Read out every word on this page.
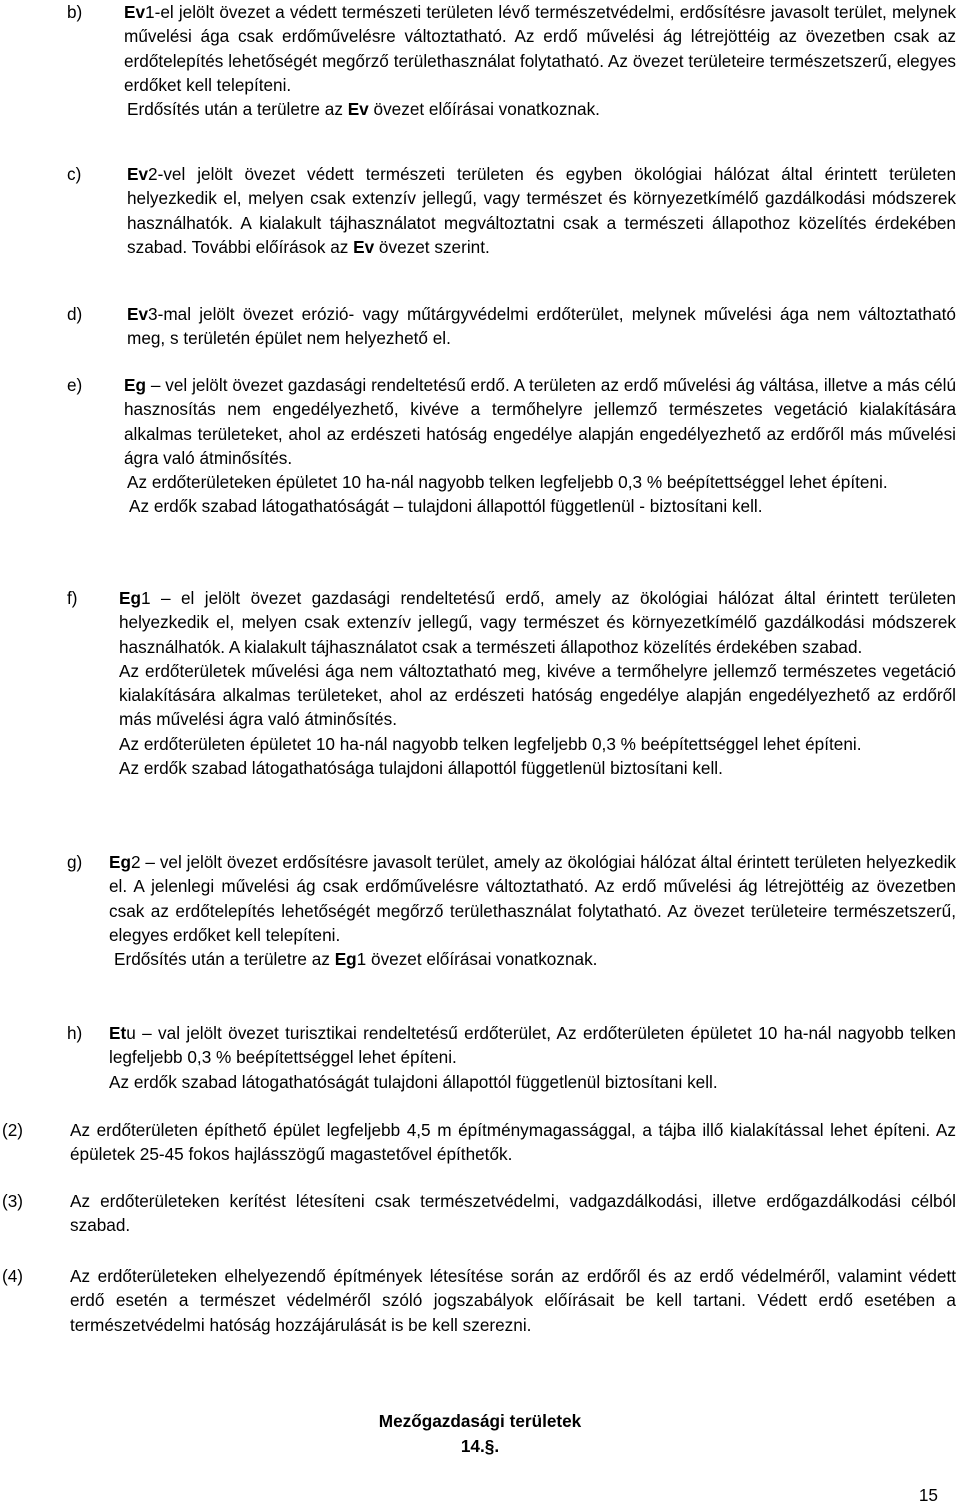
b) Ev1-el jelölt övezet a védett természeti területen lévő természetvédelmi, erdősítésre javasolt terület, melynek művelési ága csak erdőművelésre változtatható. Az erdő művelési ág létrejöttéig az övezetben csak az erdőtelepítés lehetőségét megőrző területhasználat folytatható. Az övezet területeire természetszerű, elegyes erdőket kell telepíteni.

Erdősítés után a területre az Ev övezet előírásai vonatkoznak.

c)	Ev2-vel jelölt övezet védett természeti területen és egyben ökológiai hálózat által érintett területen helyezkedik el, melyen csak extenzív jellegű, vagy természet és környezetkímélő gazdálkodási módszerek használhatók. A kialakult tájhasználatot megváltoztatni csak a természeti állapothoz közelítés érdekében szabad. További előírások az Ev övezet szerint.

d)	Ev3-mal jelölt övezet erózió- vagy műtárgyvédelmi erdőterület, melynek művelési ága nem változtatható meg, s területén épület nem helyezhető el.

e) Eg – vel jelölt övezet gazdasági rendeltetésű erdő. A területen az erdő művelési ág váltása, illetve a más célú hasznosítás nem engedélyezhető, kivéve a termőhelyre jellemző természetes vegetáció kialakítására alkalmas területeket, ahol az erdészeti hatóság engedélye alapján engedélyezhető az erdőről más művelési ágra való átminősítés.

Az erdőterületeken épületet 10 ha-nál nagyobb telken legfeljebb 0,3 % beépítettséggel lehet építeni.

Az erdők szabad látogathatóságát – tulajdoni állapottól függetlenül - biztosítani kell.

f) Eg1 – el jelölt övezet gazdasági rendeltetésű erdő, amely az ökológiai hálózat által érintett területen helyezkedik el, melyen csak extenzív jellegű, vagy természet és környezetkímélő gazdálkodási módszerek használhatók. A kialakult tájhasználatot csak a természeti állapothoz közelítés érdekében szabad.

Az erdőterületek művelési ága nem változtatható meg, kivéve a termőhelyre jellemző természetes vegetáció kialakítására alkalmas területeket, ahol az erdészeti hatóság engedélye alapján engedélyezhető az erdőről más művelési ágra való átminősítés.

Az erdőterületen épületet 10 ha-nál nagyobb telken legfeljebb 0,3 % beépítettséggel lehet építeni.

Az erdők szabad látogathatósága tulajdoni állapottól függetlenül biztosítani kell.

g) Eg2 – vel jelölt övezet erdősítésre javasolt terület, amely az ökológiai hálózat által érintett területen helyezkedik el. A jelenlegi művelési ág csak erdőművelésre változtatható. Az erdő művelési ág létrejöttéig az övezetben csak az erdőtelepítés lehetőségét megőrző területhasználat folytatható. Az övezet területeire természetszerű, elegyes erdőket kell telepíteni.

Erdősítés után a területre az Eg1 övezet előírásai vonatkoznak.

h) Etu – val jelölt övezet turisztikai rendeltetésű erdőterület, Az erdőterületen épületet 10 ha-nál nagyobb telken legfeljebb 0,3 % beépítettséggel lehet építeni.

Az erdők szabad látogathatóságát tulajdoni állapottól függetlenül biztosítani kell.

(2)	Az erdőterületen építhető épület legfeljebb 4,5 m építménymagassággal, a tájba illő kialakítással lehet építeni. Az épületek 25-45 fokos hajlásszögű magastetővel építhetők.
(3)	Az erdőterületeken kerítést létesíteni csak természetvédelmi, vadgazdálkodási, illetve erdőgazdálkodási célból szabad.
(4)	Az erdőterületeken elhelyezendő építmények létesítése során az erdőről és az erdő védelméről, valamint védett erdő esetén a természet védelméről szóló jogszabályok előírásait be kell tartani. Védett erdő esetében a természetvédelmi hatóság hozzájárulását is be kell szerezni.
Mezőgazdasági területek
14.§.
15
